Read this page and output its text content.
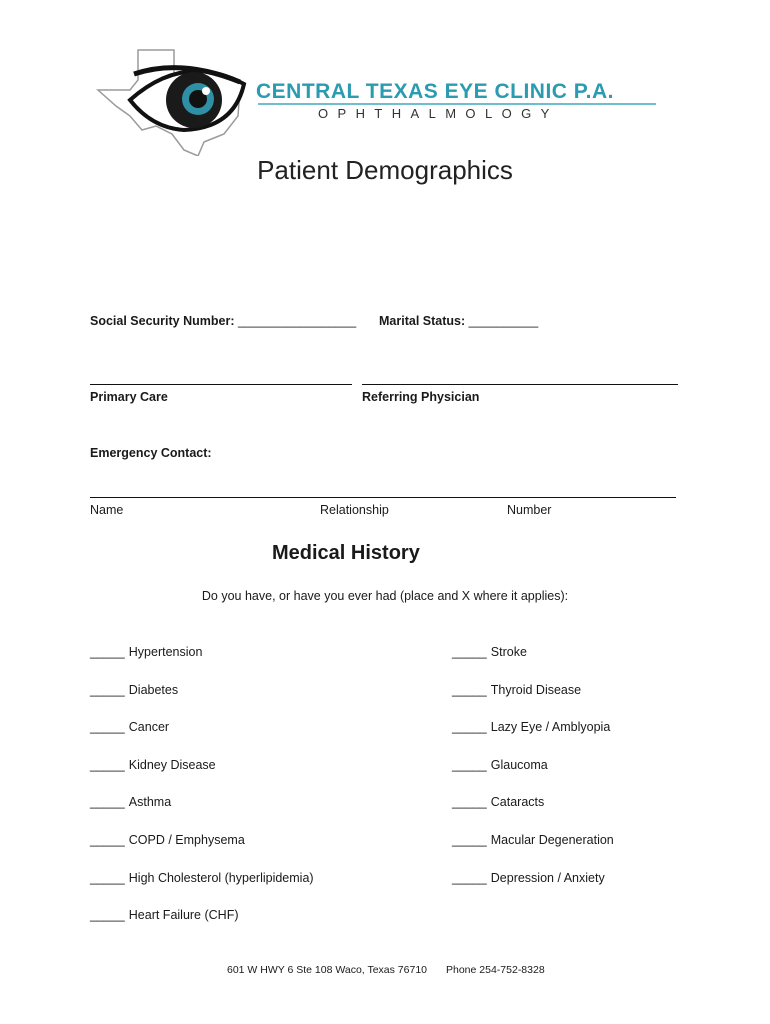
CENTRAL TEXAS EYE CLINIC P.A.
OPHTHALMOLOGY
Patient Demographics
Social Security Number: _________________ Marital Status: __________
Primary Care	Referring Physician
Emergency Contact:
Name	Relationship	Number
Medical History
Do you have, or have you ever had (place and X where it applies):
_____ Hypertension
_____ Diabetes
_____ Cancer
_____ Kidney Disease
_____ Asthma
_____ COPD / Emphysema
_____ High Cholesterol (hyperlipidemia)
_____ Heart Failure (CHF)
_____ Stroke
_____ Thyroid Disease
_____ Lazy Eye / Amblyopia
_____ Glaucoma
_____ Cataracts
_____ Macular Degeneration
_____ Depression / Anxiety
601 W HWY 6 Ste 108 Waco, Texas 76710 Phone 254-752-8328
